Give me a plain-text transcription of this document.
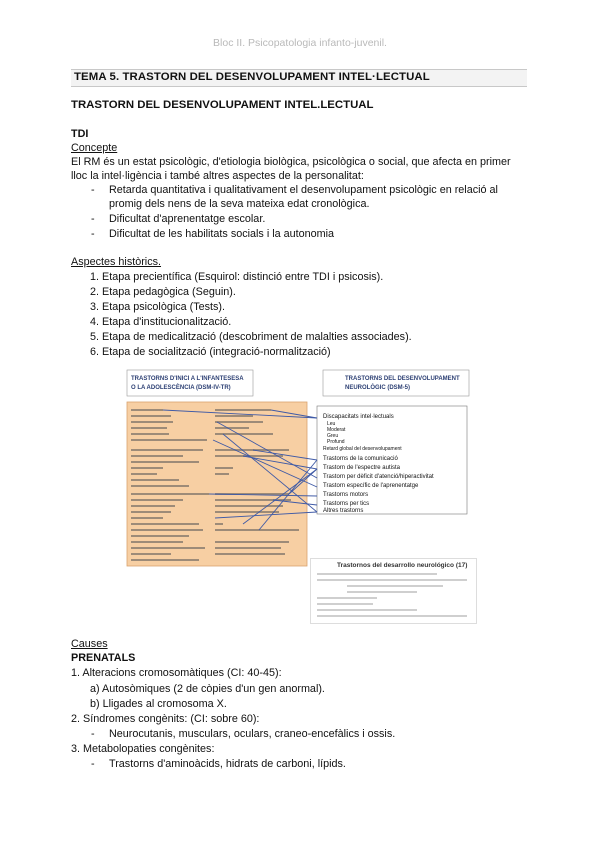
Bloc II. Psicopatologia infanto-juvenil.
TEMA 5. TRASTORN DEL DESENVOLUPAMENT INTEL·LECTUAL
TRASTORN DEL DESENVOLUPAMENT INTEL.LECTUAL
TDI
Concepte
El RM és un estat psicològic, d'etiologia biològica, psicològica o social, que afecta en primer
lloc la intel·ligència i també altres aspectes de la personalitat:
- Retarda quantitativa i qualitativament el desenvolupament psicològic en relació al
promig dels nens de la seva mateixa edat cronològica.
- Dificultat d'aprenentatge escolar.
- Dificultat de les habilitats socials i la autonomia
Aspectes històrics.
1. Etapa precientífica (Esquirol: distinció entre TDI i psicosis).
2. Etapa pedagògica (Seguin).
3. Etapa psicològica (Tests).
4. Etapa d'institucionalització.
5. Etapa de medicalització (descobriment de malalties associades).
6. Etapa de socialització (integració-normalització)
TRASTORNS D'INICI A L'INFANTESESA
O LA ADOLESCÈNCIA (DSM-IV-TR)
TRASTORNS DEL DESENVOLUPAMENT
NEUROLÒGIC (DSM-5)
Discapacitats intel·lectuals
Leu
Moderat
Greu
Profund
Retard global del desenvolupament
Trastorns de la comunicació
Trastorn de l'espectre autista
Trastorn per dèficit d'atenció/hiperactivitat
Trastorn específic de l'aprenentatge
Trastorns motors
Trastorns per tics
Altres trastorns
Trastornos del desarrollo neurológico (17)
Causes
PRENATALS
1. Alteracions cromosomàtiques (CI: 40-45):
a) Autosòmiques (2 de còpies d'un gen anormal).
b) Lligades al cromosoma X.
2. Síndromes congènits: (CI: sobre 60):
- Neurocutanis, musculars, oculars, craneo-encefàlics i ossis.
3. Metabolopaties congènites:
- Trastorns d'aminoàcids, hidrats de carboni, lípids.
